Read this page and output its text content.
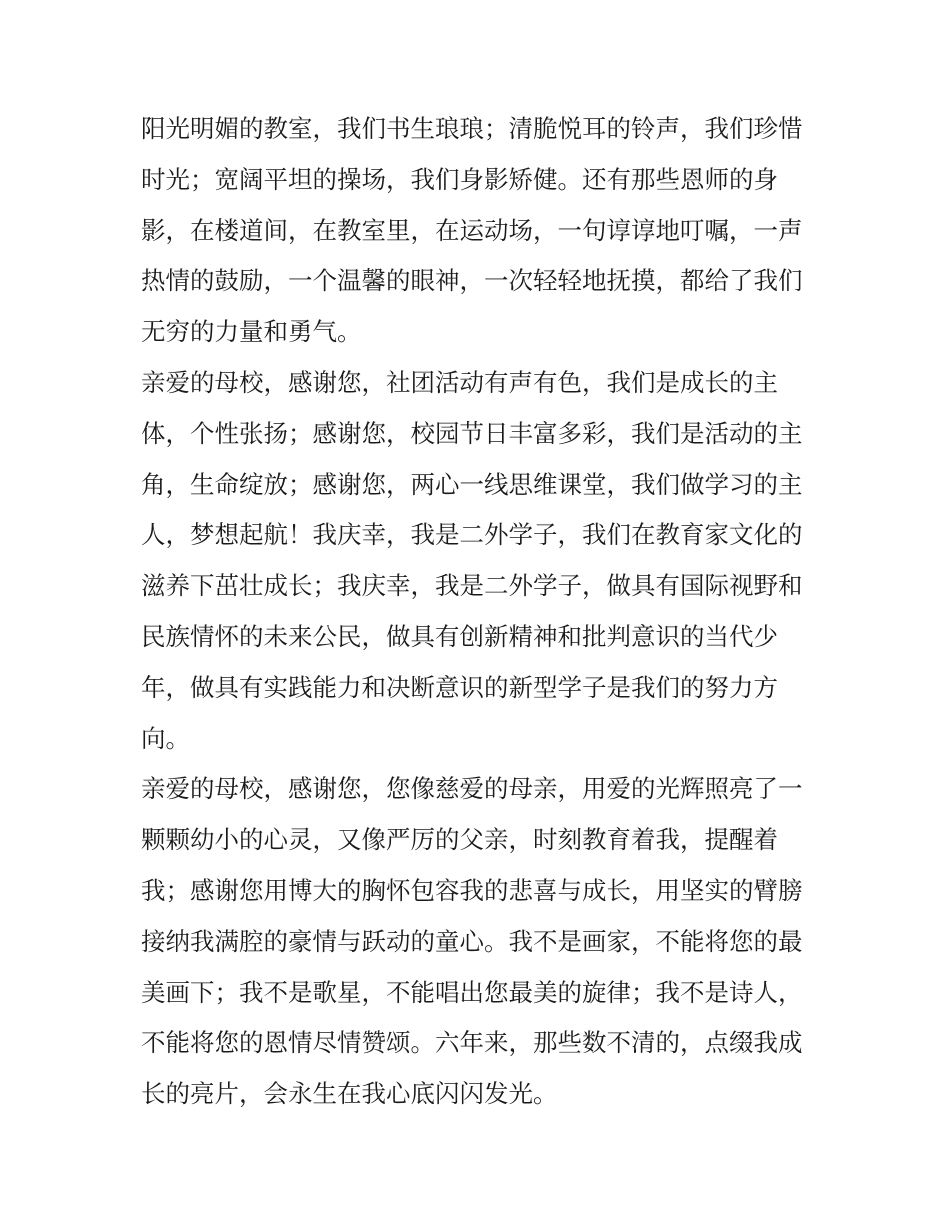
阳光明媚的教室，我们书生琅琅；清脆悦耳的铃声，我们珍惜
时光；宽阔平坦的操场，我们身影矫健。还有那些恩师的身
影，在楼道间，在教室里，在运动场，一句谆谆地叮嘱，一声
热情的鼓励，一个温馨的眼神，一次轻轻地抚摸，都给了我们
无穷的力量和勇气。
亲爱的母校，感谢您，社团活动有声有色，我们是成长的主
体，个性张扬；感谢您，校园节日丰富多彩，我们是活动的主
角，生命绽放；感谢您，两心一线思维课堂，我们做学习的主
人，梦想起航！我庆幸，我是二外学子，我们在教育家文化的
滋养下茁壮成长；我庆幸，我是二外学子，做具有国际视野和
民族情怀的未来公民，做具有创新精神和批判意识的当代少
年，做具有实践能力和决断意识的新型学子是我们的努力方
向。
亲爱的母校，感谢您，您像慈爱的母亲，用爱的光辉照亮了一
颗颗幼小的心灵，又像严厉的父亲，时刻教育着我，提醒着
我；感谢您用博大的胸怀包容我的悲喜与成长，用坚实的臂膀
接纳我满腔的豪情与跃动的童心。我不是画家，不能将您的最
美画下；我不是歌星，不能唱出您最美的旋律；我不是诗人，
不能将您的恩情尽情赞颂。六年来，那些数不清的，点缀我成
长的亮片，会永生在我心底闪闪发光。
